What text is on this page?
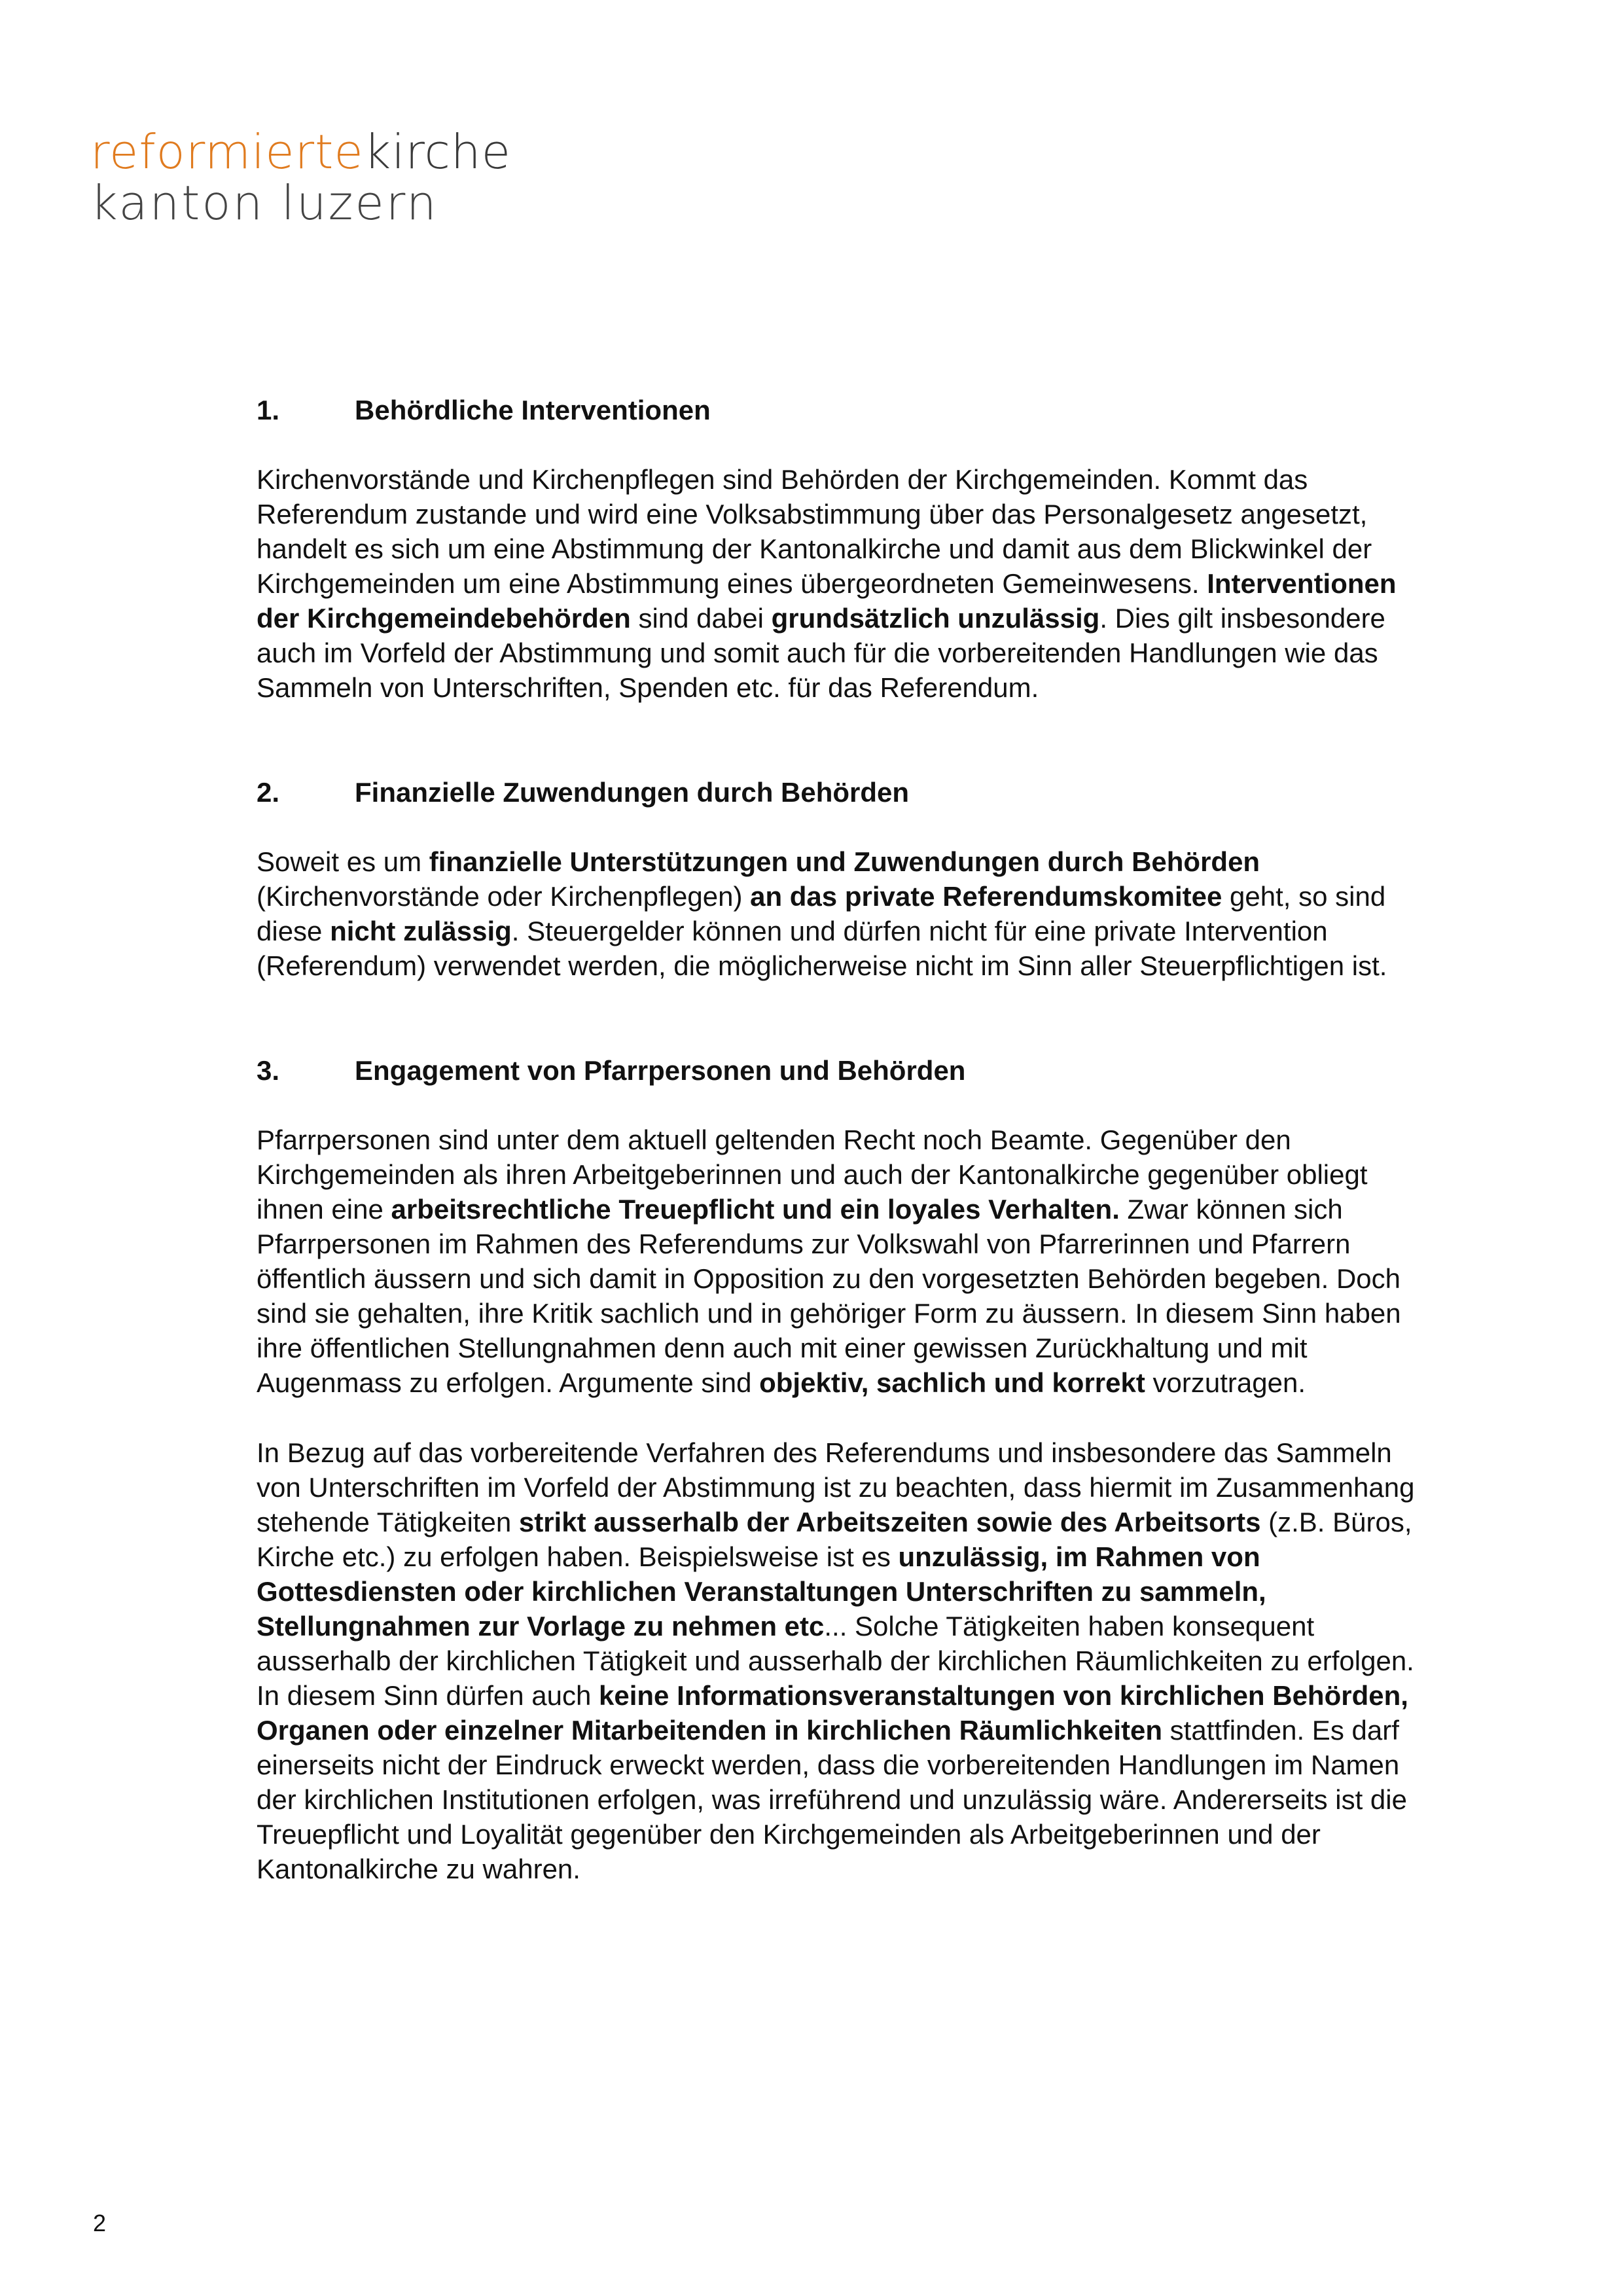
reformiertekirche
kanton luzern
1.	Behördliche Interventionen

Kirchenvorstände und Kirchenpflegen sind Behörden der Kirchgemeinden. Kommt das Referendum zustande und wird eine Volksabstimmung über das Personalgesetz angesetzt, handelt es sich um eine Abstimmung der Kantonalkirche und damit aus dem Blickwinkel der Kirchgemeinden um eine Abstimmung eines übergeordneten Gemeinwesens. Interventionen der Kirchgemeindebehörden sind dabei grundsätzlich unzulässig. Dies gilt insbesondere auch im Vorfeld der Abstimmung und somit auch für die vorbereitenden Handlungen wie das Sammeln von Unterschriften, Spenden etc. für das Referendum.

2.	Finanzielle Zuwendungen durch Behörden

Soweit es um finanzielle Unterstützungen und Zuwendungen durch Behörden (Kirchenvorstände oder Kirchenpflegen) an das private Referendumskomitee geht, so sind diese nicht zulässig. Steuergelder können und dürfen nicht für eine private Intervention (Referendum) verwendet werden, die möglicherweise nicht im Sinn aller Steuerpflichtigen ist.

3.	Engagement von Pfarrpersonen und Behörden

Pfarrpersonen sind unter dem aktuell geltenden Recht noch Beamte. Gegenüber den Kirchgemeinden als ihren Arbeitgeberinnen und auch der Kantonalkirche gegenüber obliegt ihnen eine arbeitsrechtliche Treuepflicht und ein loyales Verhalten. Zwar können sich Pfarrpersonen im Rahmen des Referendums zur Volkswahl von Pfarrerinnen und Pfarrern öffentlich äussern und sich damit in Opposition zu den vorgesetzten Behörden begeben. Doch sind sie gehalten, ihre Kritik sachlich und in gehöriger Form zu äussern. In diesem Sinn haben ihre öffentlichen Stellungnahmen denn auch mit einer gewissen Zurückhaltung und mit Augenmass zu erfolgen. Argumente sind objektiv, sachlich und korrekt vorzutragen.

In Bezug auf das vorbereitende Verfahren des Referendums und insbesondere das Sammeln von Unterschriften im Vorfeld der Abstimmung ist zu beachten, dass hiermit im Zusammenhang stehende Tätigkeiten strikt ausserhalb der Arbeitszeiten sowie des Arbeitsorts (z.B. Büros, Kirche etc.) zu erfolgen haben. Beispielsweise ist es unzulässig, im Rahmen von Gottesdiensten oder kirchlichen Veranstaltungen Unterschriften zu sammeln, Stellungnahmen zur Vorlage zu nehmen etc... Solche Tätigkeiten haben konsequent ausserhalb der kirchlichen Tätigkeit und ausserhalb der kirchlichen Räumlichkeiten zu erfolgen. In diesem Sinn dürfen auch keine Informationsveranstaltungen von kirchlichen Behörden, Organen oder einzelner Mitarbeitenden in kirchlichen Räumlichkeiten stattfinden. Es darf einerseits nicht der Eindruck erweckt werden, dass die vorbereitenden Handlungen im Namen der kirchlichen Institutionen erfolgen, was irreführend und unzulässig wäre. Andererseits ist die Treuepflicht und Loyalität gegenüber den Kirchgemeinden als Arbeitgeberinnen und der Kantonalkirche zu wahren.

2
